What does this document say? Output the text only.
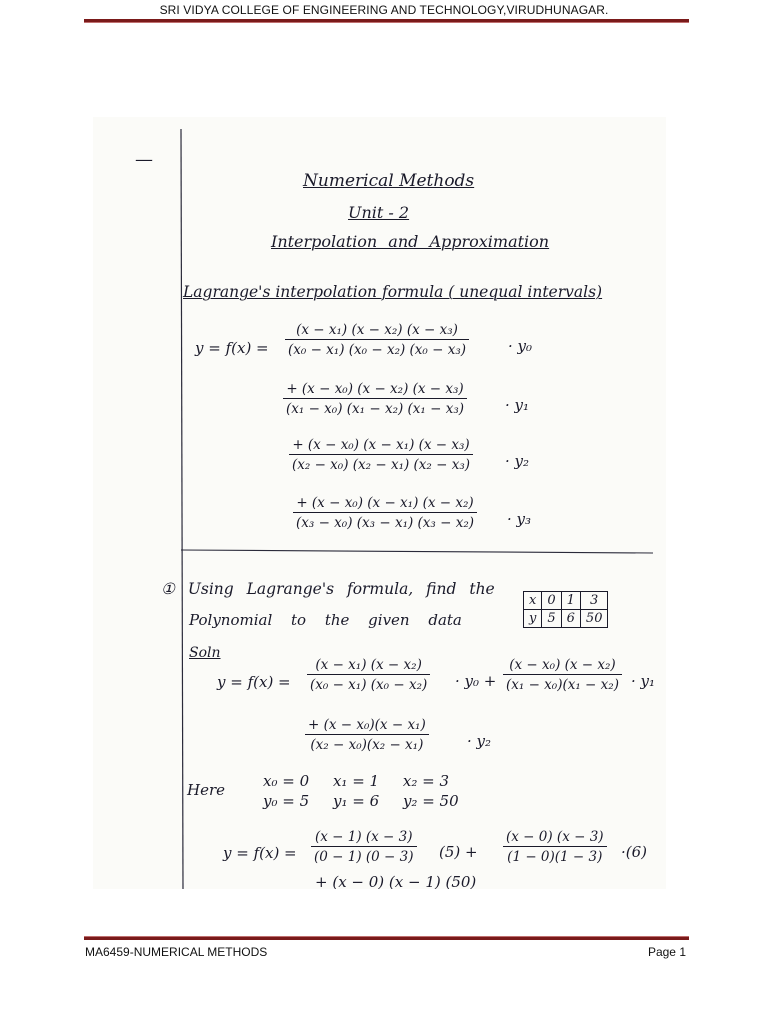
SRI VIDYA COLLEGE OF ENGINEERING AND TECHNOLOGY,VIRUDHUNAGAR.
—
Numerical Methods
Unit - 2
Interpolation and Approximation
Lagrange's interpolation formula ( unequal intervals)
$y = f(x) = \frac{\text{(x − x₁) (x − x₂) (x − x₃)}}{\text{(x₀ − x₁) (x₀ − x₂) (x₀ − x₃)}}$	· y₀
$\frac{\text{+ (x − x₀) (x − x₂) (x − x₃)}}{\text{(x₁ − x₀) (x₁ − x₂) (x₁ − x₃)}}$	· y₁
$\frac{\text{+ (x − x₀) (x − x₁) (x − x₃)}}{\text{(x₂ − x₀) (x₂ − x₁) (x₂ − x₃)}} \cdot y_2$
$\frac{\text{+ (x − x₀) (x − x₁) (x − x₂)}}{\text{(x₃ − x₀) (x₃ − x₁) (x₃ − x₂)}} \cdot y_3$
① Using Lagrange's formula, find the
Polynomial to the given data
x	0	1	3
y	5	6	50
Soln
$y = f(x) = \frac{\text{(x − x₁) (x − x₂)}}{\text{(x₀ − x₁) (x₀ − x₂)}} \cdot y_0 + \frac{\text{(x − x₀) (x − x₂)}}{\text{(x₁ − x₀)(x₁ − x₂)}} \cdot y_1$
$\frac{\text{+ (x − x₀)(x − x₁)}}{\text{(x₂ − x₀)(x₂ − x₁)}}$	· y₂
Here	x₀ = 0     x₁ = 1     x₂ = 3
y₀ = 5     y₁ = 6     y₂ = 50
$y = f(x) = \frac{(x - 1) (x - 3)}{(0 - 1) (0 - 3)} (5) + \frac{(x - 0) (x - 3)}{(1 - 0)(1 - 3)} \cdot(6)$
+ (x − 0) (x − 1) (50)
MA6459-NUMERICAL METHODS	Page 1
